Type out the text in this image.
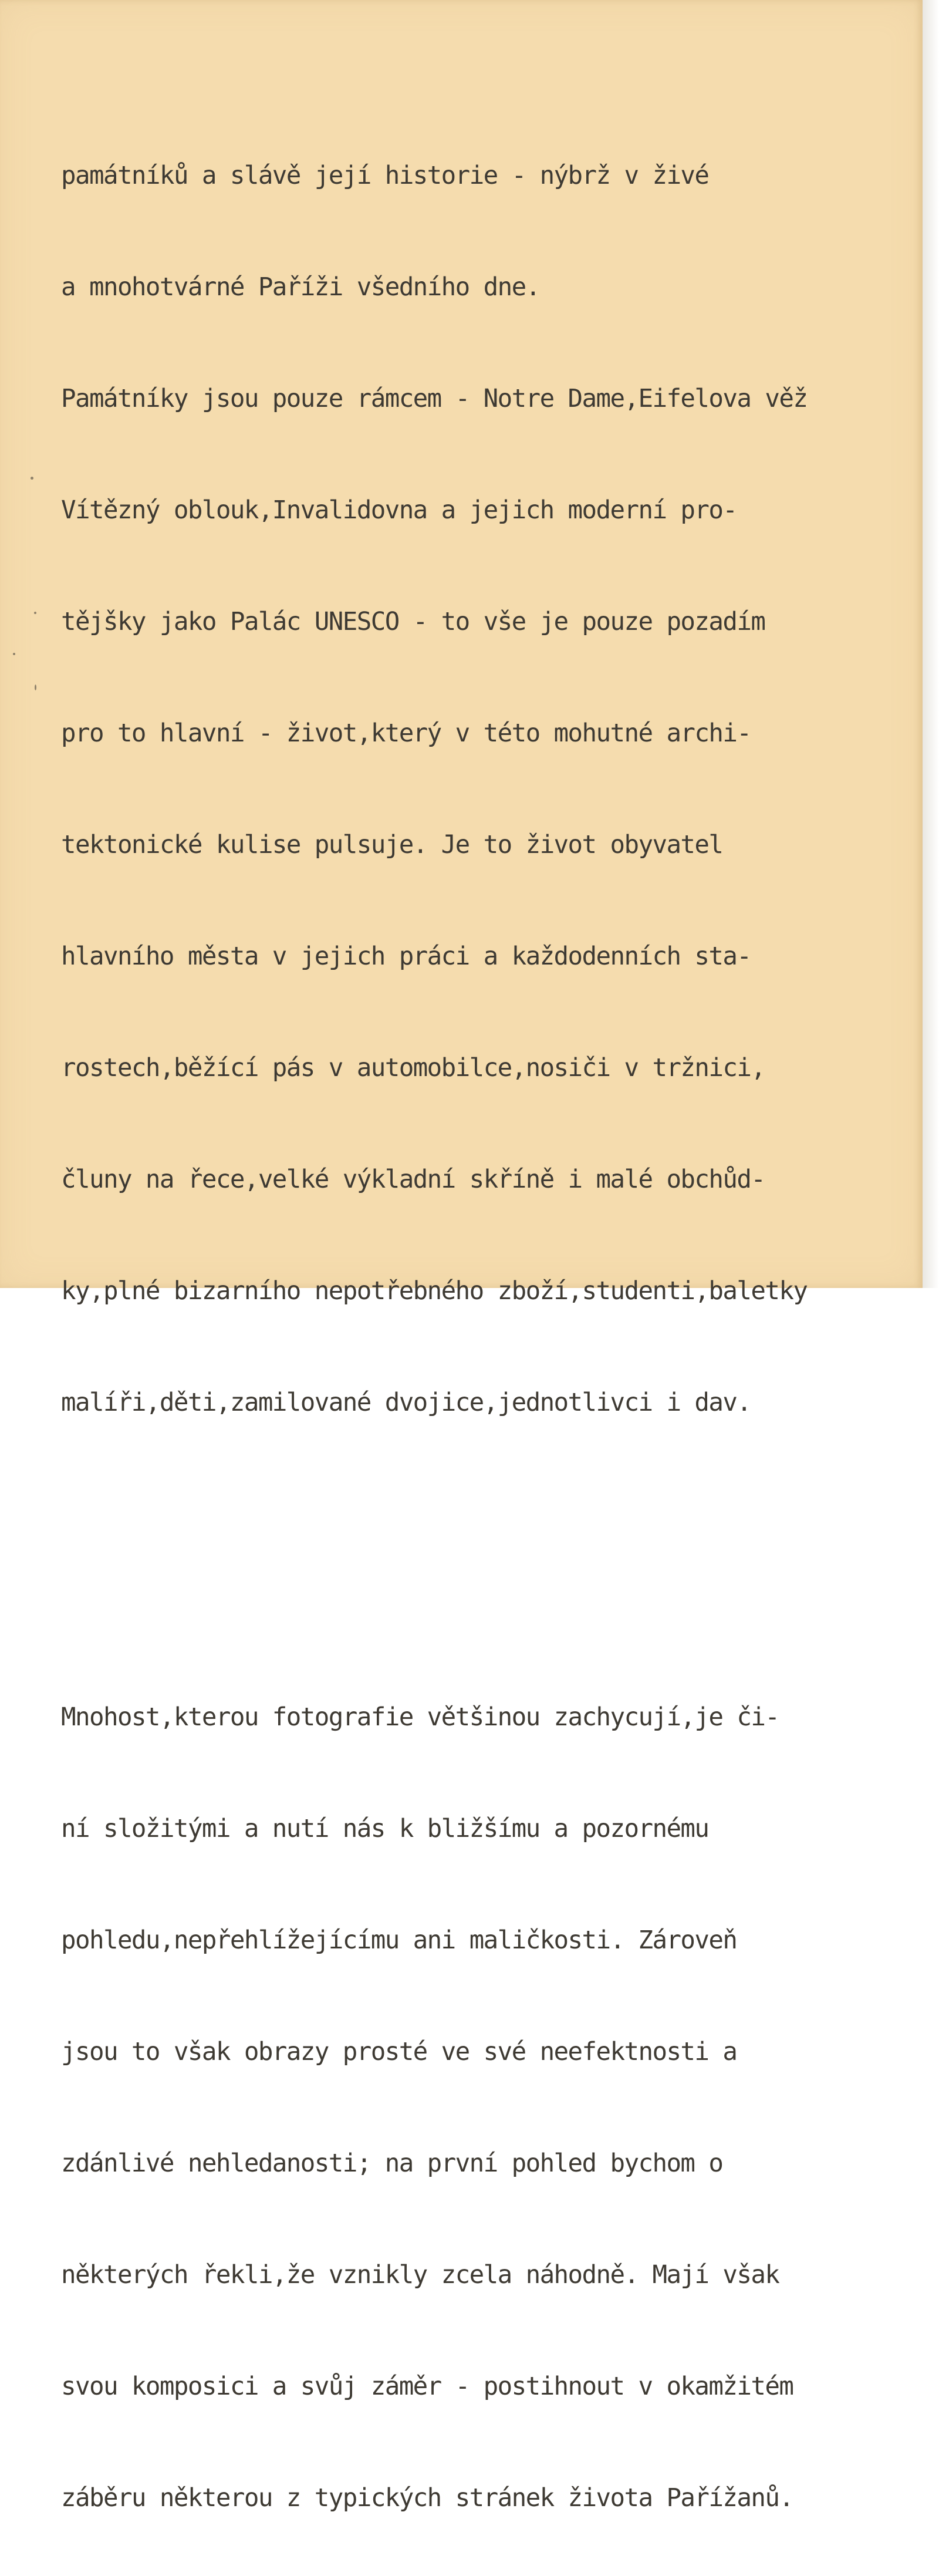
památníků a slávě její historie - nýbrž v živé

a mnohotvárné Paříži všedního dne.

Památníky jsou pouze rámcem - Notre Dame,Eifelova věž

Vítězný oblouk,Invalidovna a jejich moderní pro-

tějšky jako Palác UNESCO - to vše je pouze pozadím

pro to hlavní - život,který v této mohutné archi-

tektonické kulise pulsuje. Je to život obyvatel

hlavního města v jejich práci a každodenních sta-

rostech,běžící pás v automobilce,nosiči v tržnici,

čluny na řece,velké výkladní skříně i malé obchůd-

ky,plné bizarního nepotřebného zboží,studenti,baletky

malíři,děti,zamilované dvojice,jednotlivci i dav.

Mnohost,kterou fotografie většinou zachycují,je či-

ní složitými a nutí nás k bližšímu a pozornému

pohledu,nepřehlížejícímu ani maličkosti. Zároveň

jsou to však obrazy prosté ve své neefektnosti a

zdánlivé nehledanosti; na první pohled bychom o

některých řekli,že vznikly zcela náhodně. Mají však

svou komposici a svůj záměr - postihnout v okamžitém

záběru některou z typických stránek života Pařížanů.
